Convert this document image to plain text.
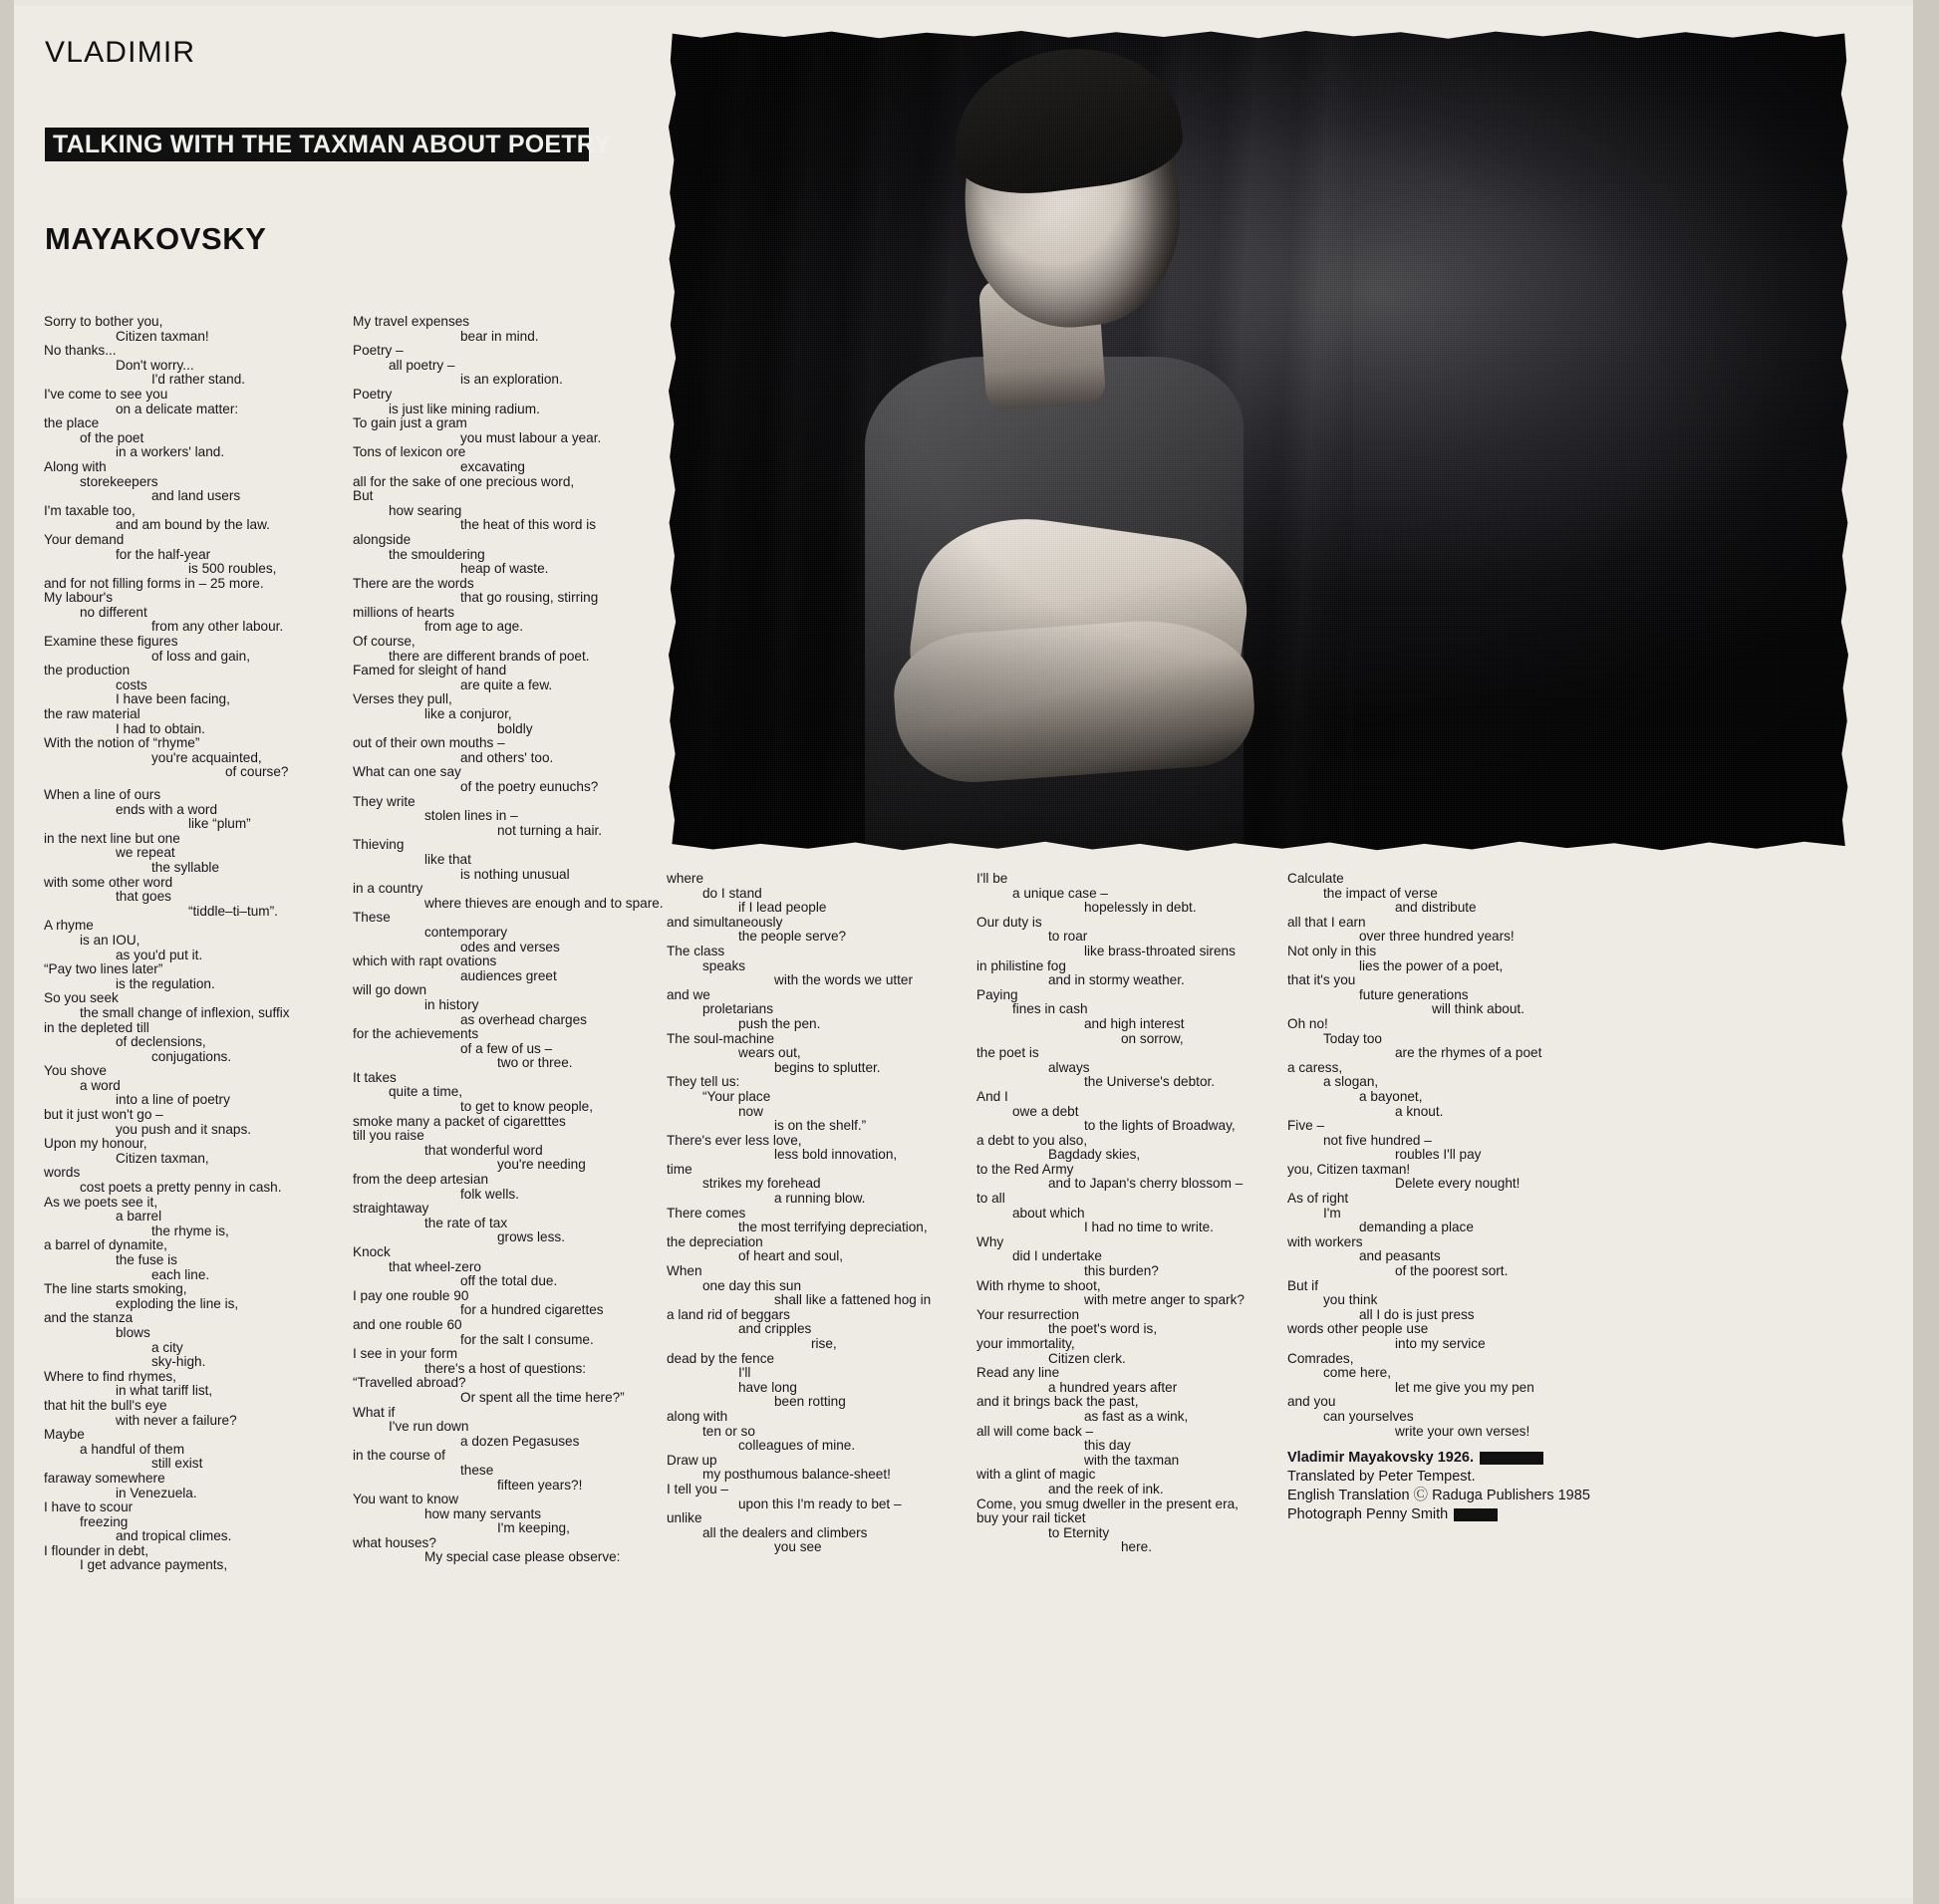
VLADIMIR
TALKING WITH THE TAXMAN ABOUT POETRY
MAYAKOVSKY
Sorry to bother you,
Citizen taxman!
No thanks...
Don't worry...
I'd rather stand.
I've come to see you
on a delicate matter:
the place
of the poet
in a workers' land.
Along with
storekeepers
and land users
I'm taxable too,
and am bound by the law.
Your demand
for the half-year
is 500 roubles,
and for not filling forms in – 25 more.
My labour's
no different
from any other labour.
Examine these figures
of loss and gain,
the production
costs
I have been facing,
the raw material
I had to obtain.
With the notion of “rhyme”
you're acquainted,
of course?
When a line of ours
ends with a word
like “plum”
in the next line but one
we repeat
the syllable
with some other word
that goes
“tiddle–ti–tum”.
A rhyme
is an IOU,
as you'd put it.
“Pay two lines later”
is the regulation.
So you seek
the small change of inflexion, suffix
in the depleted till
of declensions,
conjugations.
You shove
a word
into a line of poetry
but it just won't go –
you push and it snaps.
Upon my honour,
Citizen taxman,
words
cost poets a pretty penny in cash.
As we poets see it,
a barrel
the rhyme is,
a barrel of dynamite,
the fuse is
each line.
The line starts smoking,
exploding the line is,
and the stanza
blows
a city
sky-high.
Where to find rhymes,
in what tariff list,
that hit the bull's eye
with never a failure?
Maybe
a handful of them
still exist
faraway somewhere
in Venezuela.
I have to scour
freezing
and tropical climes.
I flounder in debt,
I get advance payments,
My travel expenses
bear in mind.
Poetry –
all poetry –
is an exploration.
Poetry
is just like mining radium.
To gain just a gram
you must labour a year.
Tons of lexicon ore
excavating
all for the sake of one precious word,
But
how searing
the heat of this word is
alongside
the smouldering
heap of waste.
There are the words
that go rousing, stirring
millions of hearts
from age to age.
Of course,
there are different brands of poet.
Famed for sleight of hand
are quite a few.
Verses they pull,
like a conjuror,
boldly
out of their own mouths –
and others' too.
What can one say
of the poetry eunuchs?
They write
stolen lines in –
not turning a hair.
Thieving
like that
is nothing unusual
in a country
where thieves are enough and to spare.
These
contemporary
odes and verses
which with rapt ovations
audiences greet
will go down
in history
as overhead charges
for the achievements
of a few of us –
two or three.
It takes
quite a time,
to get to know people,
smoke many a packet of cigaretttes
till you raise
that wonderful word
you're needing
from the deep artesian
folk wells.
straightaway
the rate of tax
grows less.
Knock
that wheel-zero
off the total due.
I pay one rouble 90
for a hundred cigarettes
and one rouble 60
for the salt I consume.
I see in your form
there's a host of questions:
“Travelled abroad?
Or spent all the time here?”
What if
I've run down
a dozen Pegasuses
in the course of
these
fifteen years?!
You want to know
how many servants
I'm keeping,
what houses?
My special case please observe:
where
do I stand
if I lead people
and simultaneously
the people serve?
The class
speaks
with the words we utter
and we
proletarians
push the pen.
The soul-machine
wears out,
begins to splutter.
They tell us:
“Your place
now
is on the shelf.”
There's ever less love,
less bold innovation,
time
strikes my forehead
a running blow.
There comes
the most terrifying depreciation,
the depreciation
of heart and soul,
When
one day this sun
shall like a fattened hog in
a land rid of beggars
and cripples
rise,
dead by the fence
I'll
have long
been rotting
along with
ten or so
colleagues of mine.
Draw up
my posthumous balance-sheet!
I tell you –
upon this I'm ready to bet –
unlike
all the dealers and climbers
you see
I'll be
a unique case –
hopelessly in debt.
Our duty is
to roar
like brass-throated sirens
in philistine fog
and in stormy weather.
Paying
fines in cash
and high interest
on sorrow,
the poet is
always
the Universe's debtor.
And I
owe a debt
to the lights of Broadway,
a debt to you also,
Bagdady skies,
to the Red Army
and to Japan's cherry blossom –
to all
about which
I had no time to write.
Why
did I undertake
this burden?
With rhyme to shoot,
with metre anger to spark?
Your resurrection
the poet's word is,
your immortality,
Citizen clerk.
Read any line
a hundred years after
and it brings back the past,
as fast as a wink,
all will come back –
this day
with the taxman
with a glint of magic
and the reek of ink.
Come, you smug dweller in the present era,
buy your rail ticket
to Eternity
here.
Calculate
the impact of verse
and distribute
all that I earn
over three hundred years!
Not only in this
lies the power of a poet,
that it's you
future generations
will think about.
Oh no!
Today too
are the rhymes of a poet
a caress,
a slogan,
a bayonet,
a knout.
Five –
not five hundred –
roubles I'll pay
you, Citizen taxman!
Delete every nought!
As of right
I'm
demanding a place
with workers
and peasants
of the poorest sort.
But if
you think
all I do is just press
words other people use
into my service
Comrades,
come here,
let me give you my pen
and you
can yourselves
write your own verses!
Vladimir Mayakovsky 1926.
Translated by Peter Tempest.
English Translation Ⓒ Raduga Publishers 1985
Photograph Penny Smith
